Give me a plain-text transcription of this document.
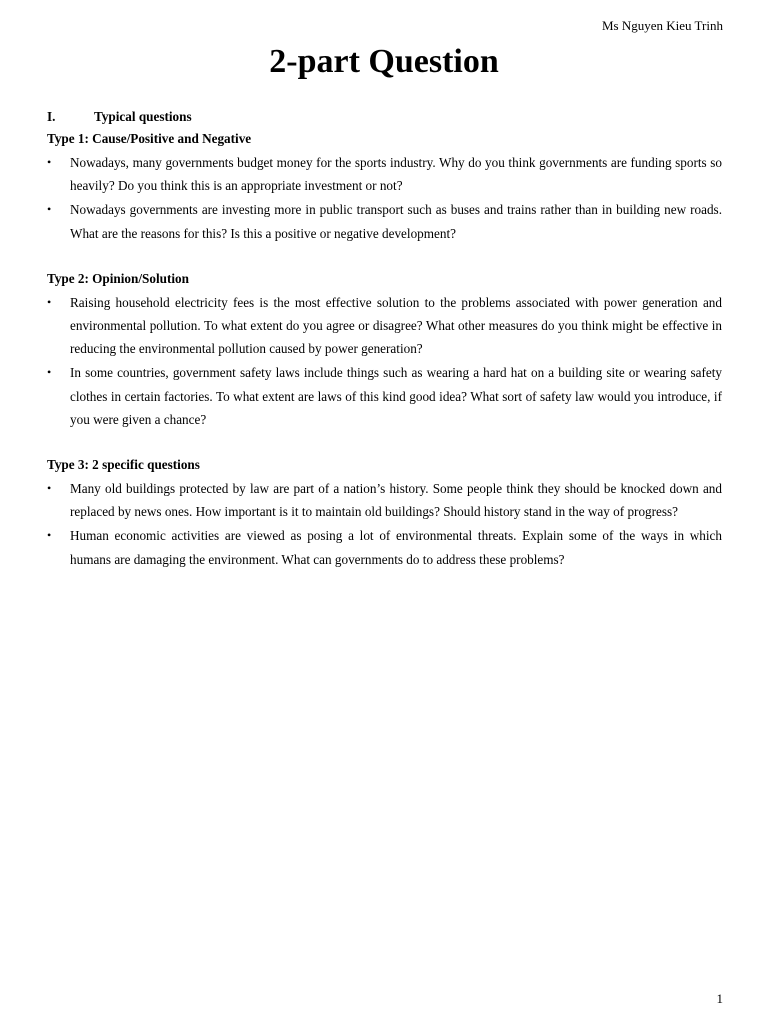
Ms Nguyen Kieu Trinh
2-part Question
I.	Typical questions

Type 1: Cause/Positive and Negative

• Nowadays, many governments budget money for the sports industry. Why do you think governments are funding sports so heavily? Do you think this is an appropriate investment or not?
• Nowadays governments are investing more in public transport such as buses and trains rather than in building new roads. What are the reasons for this? Is this a positive or negative development?

Type 2: Opinion/Solution

• Raising household electricity fees is the most effective solution to the problems associated with power generation and environmental pollution. To what extent do you agree or disagree? What other measures do you think might be effective in reducing the environmental pollution caused by power generation?
• In some countries, government safety laws include things such as wearing a hard hat on a building site or wearing safety clothes in certain factories. To what extent are laws of this kind good idea? What sort of safety law would you introduce, if you were given a chance?

Type 3: 2 specific questions

• Many old buildings protected by law are part of a nation’s history. Some people think they should be knocked down and replaced by news ones. How important is it to maintain old buildings? Should history stand in the way of progress?
• Human economic activities are viewed as posing a lot of environmental threats. Explain some of the ways in which humans are damaging the environment. What can governments do to address these problems?
1
